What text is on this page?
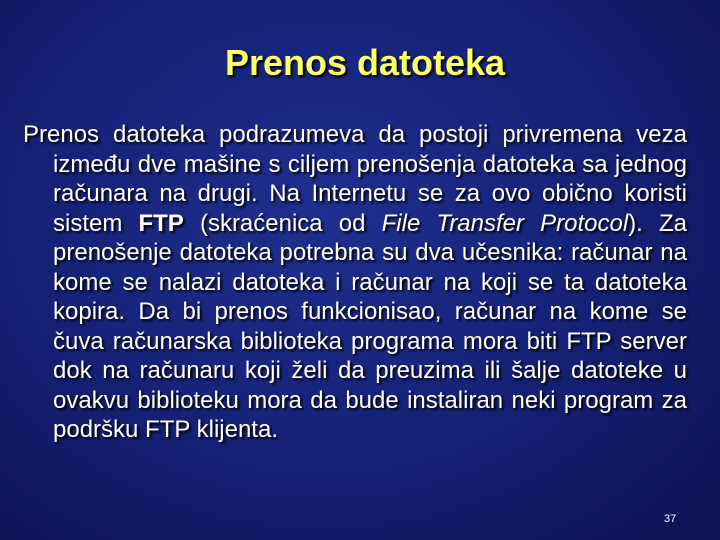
Prenos datoteka
Prenos datoteka podrazumeva da postoji privremena veza između dve mašine s ciljem prenošenja datoteka sa jednog računara na drugi. Na Internetu se za ovo obično koristi sistem FTP (skraćenica od File Transfer Protocol). Za prenošenje datoteka potrebna su dva učesnika: računar na kome se nalazi datoteka i računar na koji se ta datoteka kopira. Da bi prenos funkcionisao, računar na kome se čuva računarska biblioteka programa mora biti FTP server dok na računaru koji želi da preuzima ili šalje datoteke u ovakvu biblioteku mora da bude instaliran neki program za podršku FTP klijenta.
37
